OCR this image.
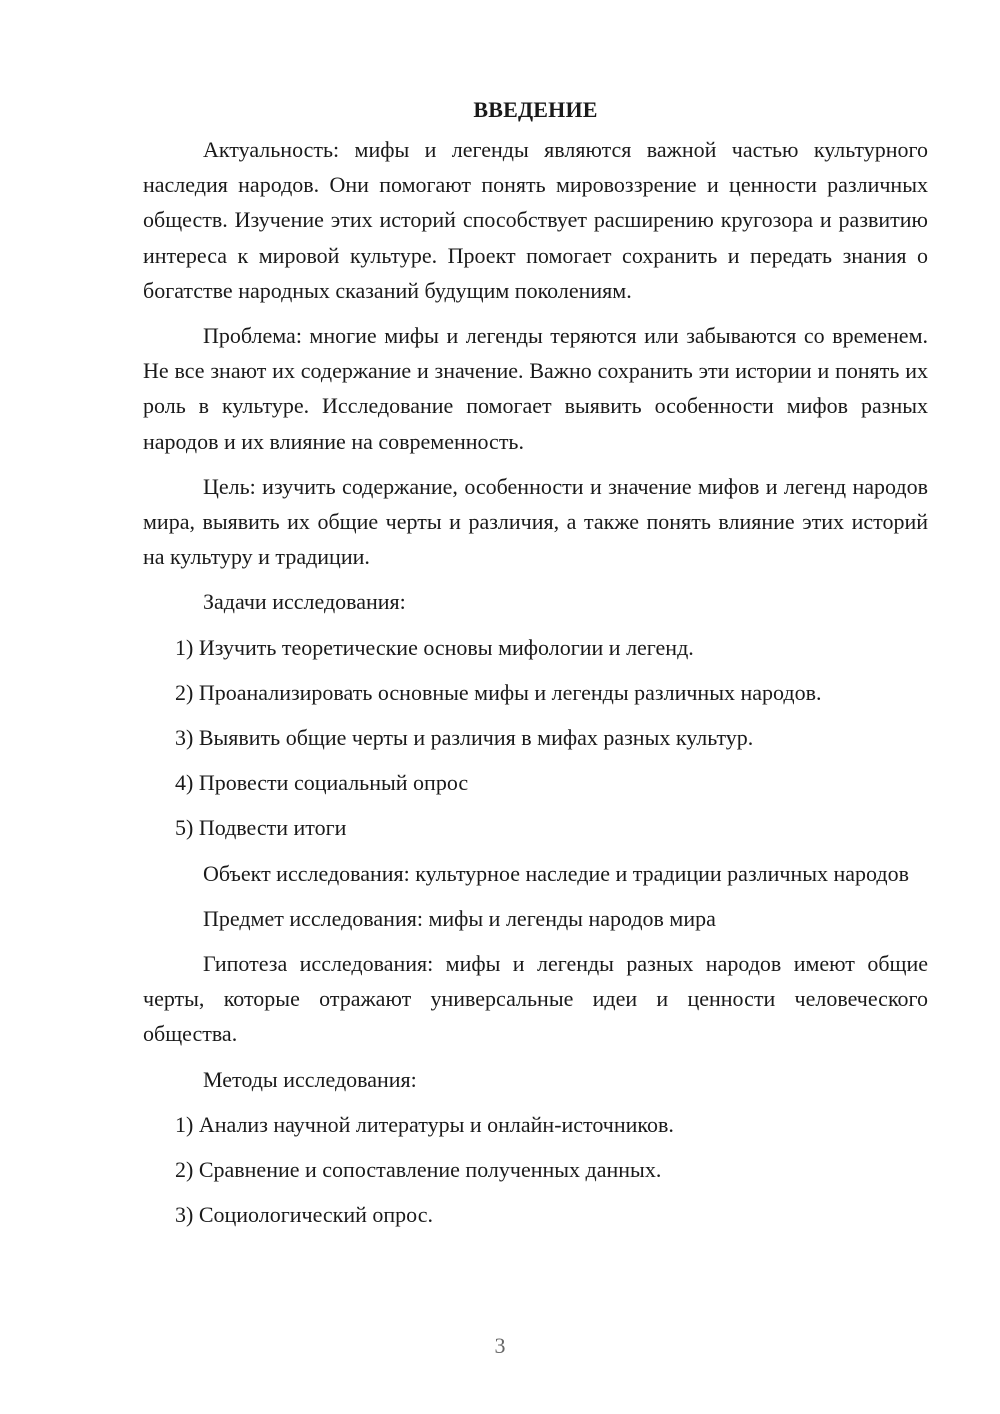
ВВЕДЕНИЕ

Актуальность: мифы и легенды являются важной частью культурного наследия народов. Они помогают понять мировоззрение и ценности различных обществ. Изучение этих историй способствует расширению кругозора и развитию интереса к мировой культуре. Проект помогает сохранить и передать знания о богатстве народных сказаний будущим поколениям.

Проблема: многие мифы и легенды теряются или забываются со временем. Не все знают их содержание и значение. Важно сохранить эти истории и понять их роль в культуре. Исследование помогает выявить особенности мифов разных народов и их влияние на современность.

Цель: изучить содержание, особенности и значение мифов и легенд народов мира, выявить их общие черты и различия, а также понять влияние этих историй на культуру и традиции.

Задачи исследования:

1) Изучить теоретические основы мифологии и легенд.

2) Проанализировать основные мифы и легенды различных народов.

3) Выявить общие черты и различия в мифах разных культур.

4) Провести социальный опрос

5) Подвести итоги

Объект исследования: культурное наследие и традиции различных народов

Предмет исследования: мифы и легенды народов мира

Гипотеза исследования: мифы и легенды разных народов имеют общие черты, которые отражают универсальные идеи и ценности человеческого общества.

Методы исследования:

1) Анализ научной литературы и онлайн-источников.

2) Сравнение и сопоставление полученных данных.

3) Социологический опрос.

3
